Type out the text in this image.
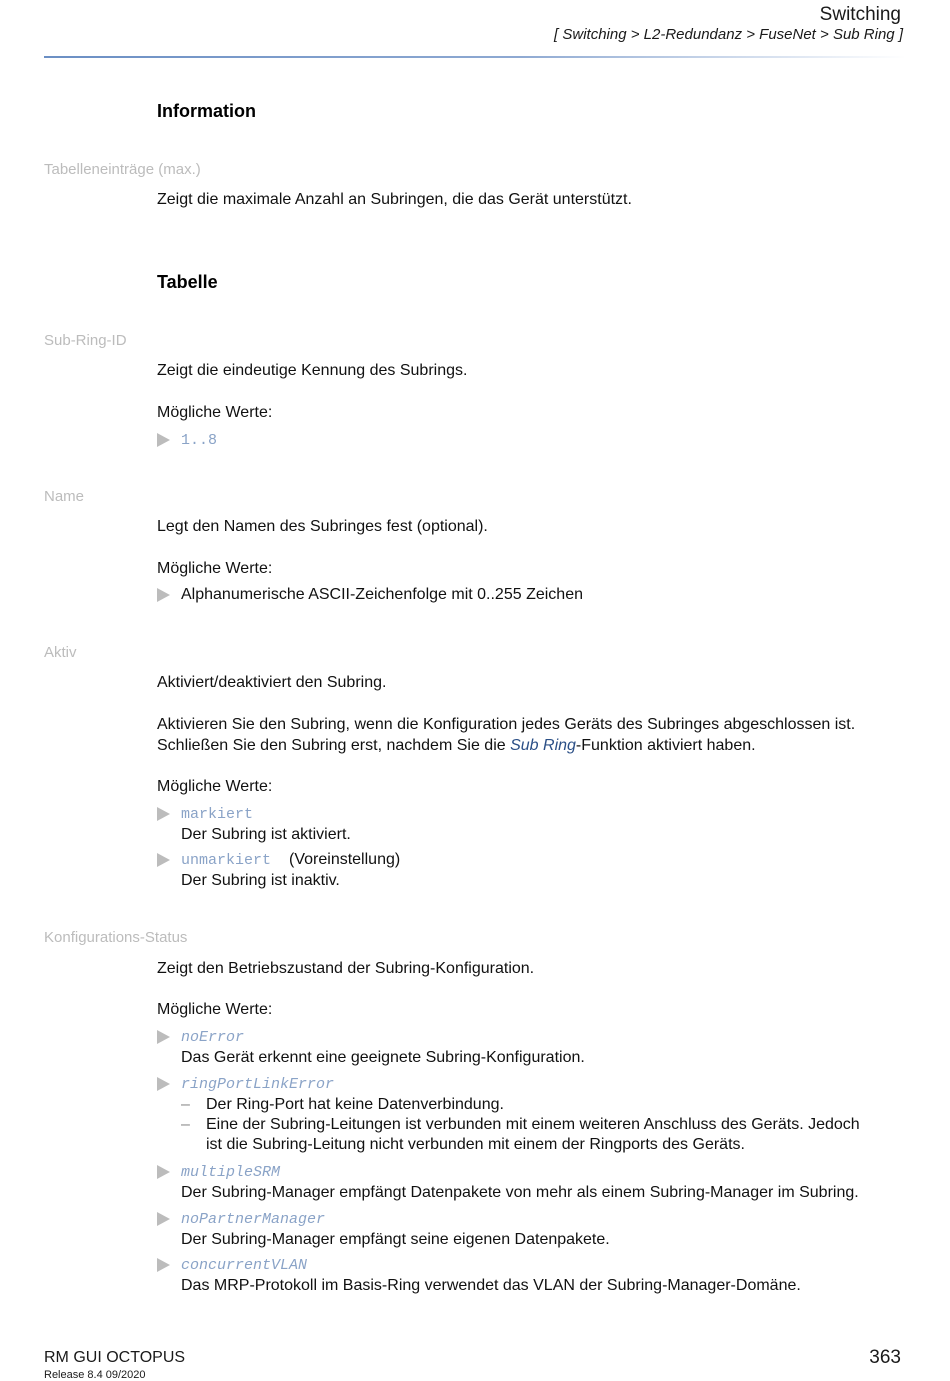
Switching
[ Switching > L2-Redundanz > FuseNet > Sub Ring ]
Information
Tabelleneinträge (max.)
Zeigt die maximale Anzahl an Subringen, die das Gerät unterstützt.
Tabelle
Sub-Ring-ID
Zeigt die eindeutige Kennung des Subrings.
Mögliche Werte:
1..8
Name
Legt den Namen des Subringes fest (optional).
Mögliche Werte:
Alphanumerische ASCII-Zeichenfolge mit 0..255 Zeichen
Aktiv
Aktiviert/deaktiviert den Subring.
Aktivieren Sie den Subring, wenn die Konfiguration jedes Geräts des Subringes abgeschlossen ist.
Schließen Sie den Subring erst, nachdem Sie die Sub Ring-Funktion aktiviert haben.
Mögliche Werte:
markiert
Der Subring ist aktiviert.
unmarkiert (Voreinstellung)
Der Subring ist inaktiv.
Konfigurations-Status
Zeigt den Betriebszustand der Subring-Konfiguration.
Mögliche Werte:
noError
Das Gerät erkennt eine geeignete Subring-Konfiguration.
ringPortLinkError
– Der Ring-Port hat keine Datenverbindung.
– Eine der Subring-Leitungen ist verbunden mit einem weiteren Anschluss des Geräts. Jedoch
ist die Subring-Leitung nicht verbunden mit einem der Ringports des Geräts.
multipleSRM
Der Subring-Manager empfängt Datenpakete von mehr als einem Subring-Manager im Subring.
noPartnerManager
Der Subring-Manager empfängt seine eigenen Datenpakete.
concurrentVLAN
Das MRP-Protokoll im Basis-Ring verwendet das VLAN der Subring-Manager-Domäne.
RM GUI OCTOPUS
Release 8.4 09/2020
363
